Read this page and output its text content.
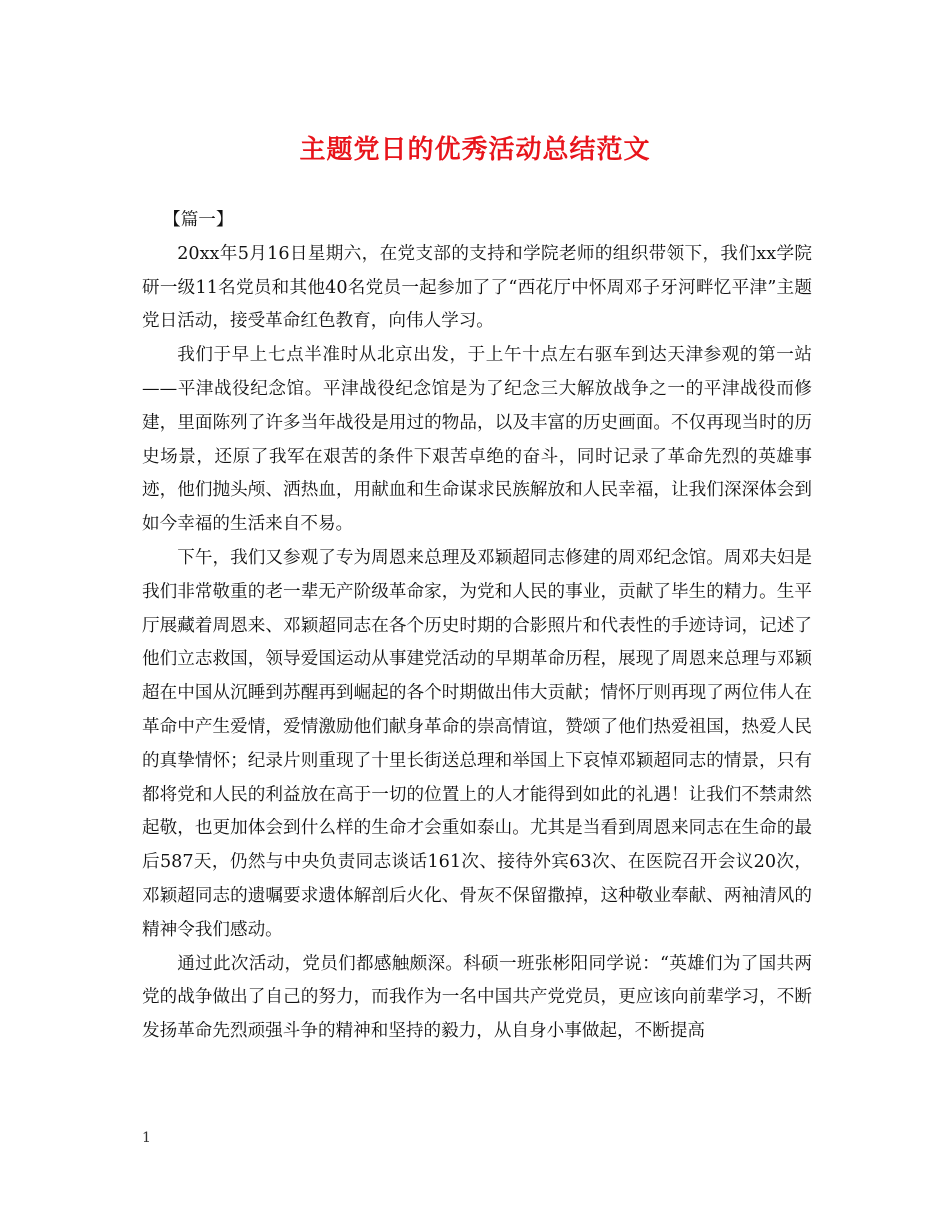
主题党日的优秀活动总结范文

【篇一】

20xx年5月16日星期六，在党支部的支持和学院老师的组织带领下，我们xx学院研一级11名党员和其他40名党员一起参加了了“西花厅中怀周邓子牙河畔忆平津”主题党日活动，接受革命红色教育，向伟人学习。

我们于早上七点半准时从北京出发，于上午十点左右驱车到达天津参观的第一站——平津战役纪念馆。平津战役纪念馆是为了纪念三大解放战争之一的平津战役而修建，里面陈列了许多当年战役是用过的物品，以及丰富的历史画面。不仅再现当时的历史场景，还原了我军在艰苦的条件下艰苦卓绝的奋斗，同时记录了革命先烈的英雄事迹，他们抛头颅、洒热血，用献血和生命谋求民族解放和人民幸福，让我们深深体会到如今幸福的生活来自不易。

下午，我们又参观了专为周恩来总理及邓颖超同志修建的周邓纪念馆。周邓夫妇是我们非常敬重的老一辈无产阶级革命家，为党和人民的事业，贡献了毕生的精力。生平厅展藏着周恩来、邓颖超同志在各个历史时期的合影照片和代表性的手迹诗词，记述了他们立志救国，领导爱国运动从事建党活动的早期革命历程，展现了周恩来总理与邓颖超在中国从沉睡到苏醒再到崛起的各个时期做出伟大贡献；情怀厅则再现了两位伟人在革命中产生爱情，爱情激励他们献身革命的崇高情谊，赞颂了他们热爱祖国，热爱人民的真挚情怀；纪录片则重现了十里长街送总理和举国上下哀悼邓颖超同志的情景，只有都将党和人民的利益放在高于一切的位置上的人才能得到如此的礼遇！让我们不禁肃然起敬，也更加体会到什么样的生命才会重如泰山。尤其是当看到周恩来同志在生命的最后587天，仍然与中央负责同志谈话161次、接待外宾63次、在医院召开会议20次，邓颖超同志的遗嘱要求遗体解剖后火化、骨灰不保留撒掉，这种敬业奉献、两袖清风的精神令我们感动。

通过此次活动，党员们都感触颇深。科硕一班张彬阳同学说：“英雄们为了国共两党的战争做出了自己的努力，而我作为一名中国共产党党员，更应该向前辈学习，不断发扬革命先烈顽强斗争的精神和坚持的毅力，从自身小事做起，不断提高

1
